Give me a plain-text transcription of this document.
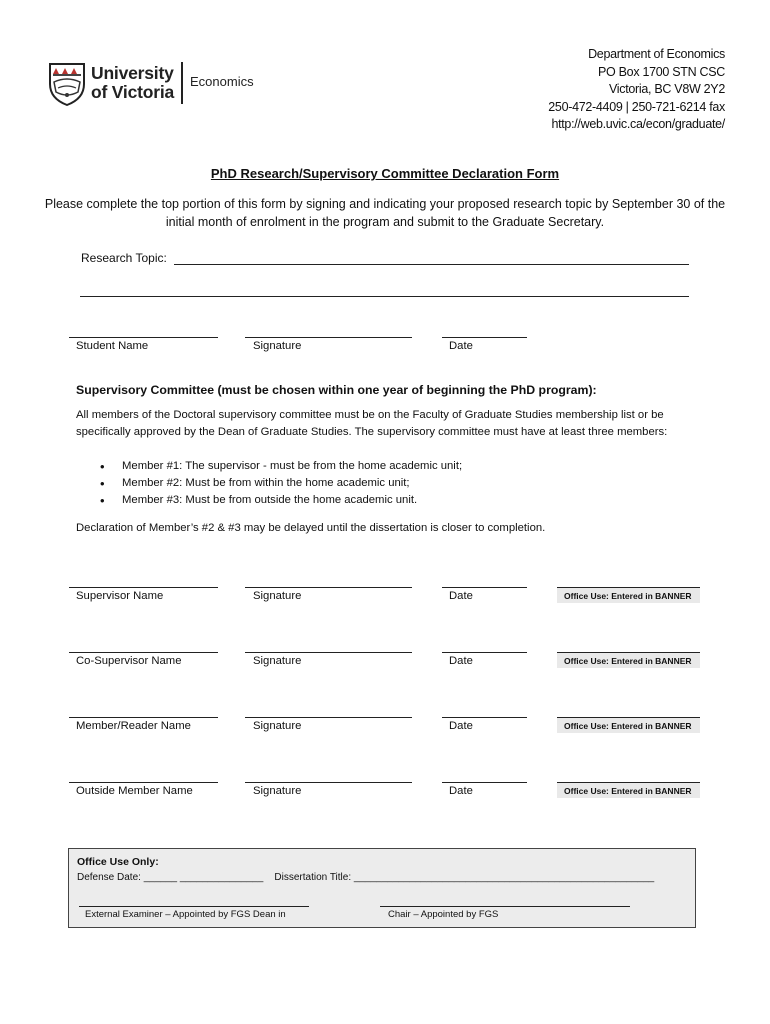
University
of Victoria
Economics
Department of Economics
PO Box 1700 STN CSC
Victoria, BC V8W 2Y2
250-472-4409 | 250-721-6214 fax
http://web.uvic.ca/econ/graduate/
PhD Research/Supervisory Committee Declaration Form
Please complete the top portion of this form by signing and indicating your proposed research topic by September 30 of the initial month of enrolment in the program and submit to the Graduate Secretary.
Research Topic:
Student Name	Signature	Date
Supervisory Committee (must be chosen within one year of beginning the PhD program):
All members of the Doctoral supervisory committee must be on the Faculty of Graduate Studies membership list or be specifically approved by the Dean of Graduate Studies. The supervisory committee must have at least three members:
• Member #1: The supervisor - must be from the home academic unit;
• Member #2: Must be from within the home academic unit;
• Member #3: Must be from outside the home academic unit.
Declaration of Member’s #2 & #3 may be delayed until the dissertation is closer to completion.
Office Use: Entered in BANNER
Supervisor Name	Signature	Date
Office Use: Entered in BANNER
Co-Supervisor Name	Signature	Date
Office Use: Entered in BANNER
Member/Reader Name	Signature	Date
Office Use: Entered in BANNER
Outside Member Name	Signature	Date
Office Use Only:
Defense Date: ______ _______________ Dissertation Title: ______________________________________________________
External Examiner – Appointed by FGS Dean in	Chair – Appointed by FGS
